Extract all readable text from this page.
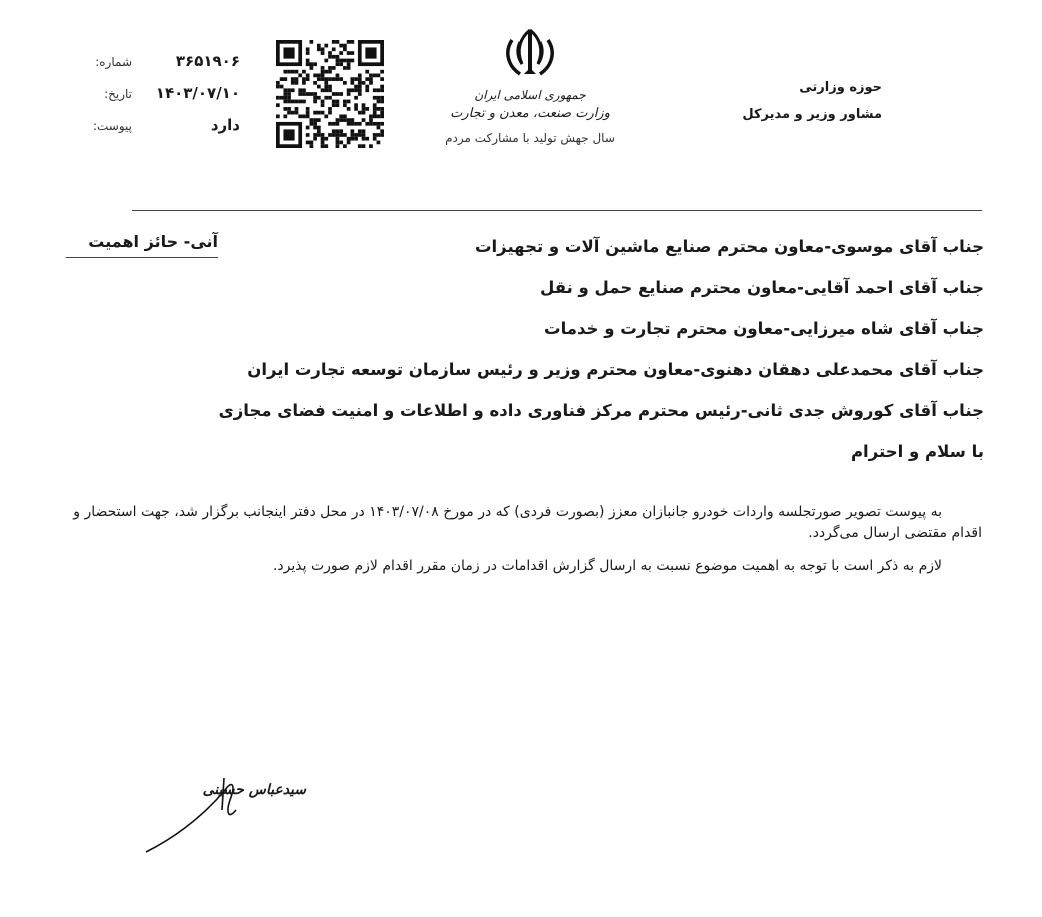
حوزه وزارتی
مشاور وزیر و مدیرکل
جمهوری اسلامی ایران
وزارت صنعت، معدن و تجارت
سال جهش تولید با مشارکت مردم
شماره:	۳۶۵۱۹۰۶
تاریخ:	۱۴۰۳/۰۷/۱۰
پیوست:	دارد
آنی- حائز اهمیت	جناب آقای موسوی-معاون محترم صنایع ماشین آلات و تجهیزات
جناب آقای احمد آقایی-معاون محترم صنایع حمل و نقل
جناب آقای شاه میرزایی-معاون محترم تجارت و خدمات
جناب آقای محمدعلی دهقان دهنوی-معاون محترم وزیر و رئیس سازمان توسعه تجارت ایران
جناب آقای کوروش جدی ثانی-رئیس محترم مرکز فناوری داده و اطلاعات و امنیت فضای مجازی
با سلام و احترام
به پیوست تصویر صورتجلسه واردات خودرو جانبازان معزز (بصورت فردی) که در مورخ ۱۴۰۳/۰۷/۰۸ در محل دفتر اینجانب برگزار شد، جهت استحضار و اقدام مقتضی ارسال می‌گردد.
لازم به ذکر است با توجه به اهمیت موضوع نسبت به ارسال گزارش اقدامات در زمان مقرر اقدام لازم صورت پذیرد.
سیدعباس حسینی
